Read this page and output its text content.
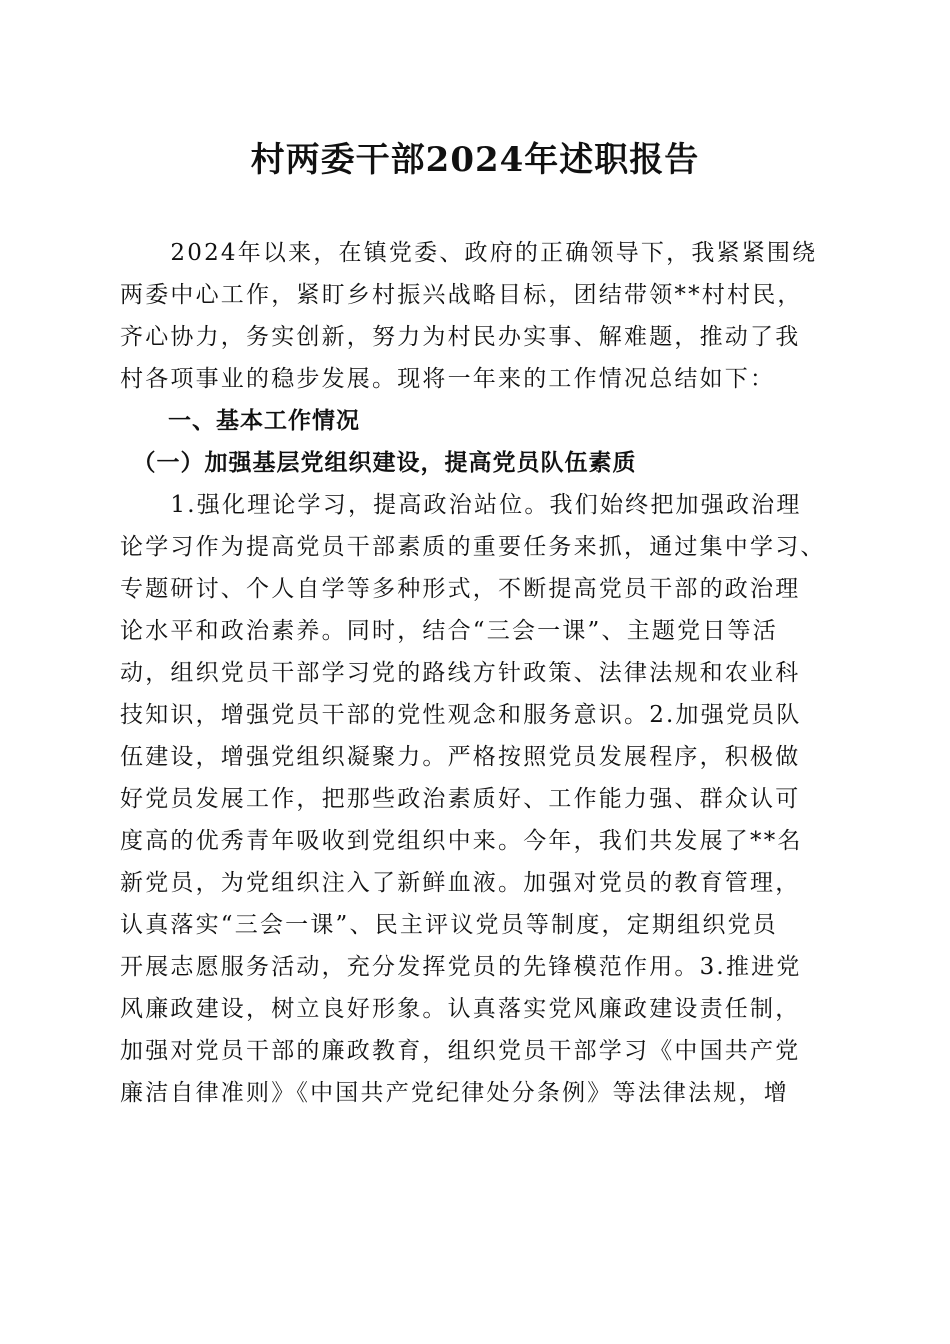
村两委干部2024年述职报告
　　2024年以来，在镇党委、政府的正确领导下，我紧紧围绕
两委中心工作，紧盯乡村振兴战略目标，团结带领**村村民，
齐心协力，务实创新，努力为村民办实事、解难题，推动了我
村各项事业的稳步发展。现将一年来的工作情况总结如下：
　　一、基本工作情况
　（一）加强基层党组织建设，提高党员队伍素质
　　1.强化理论学习，提高政治站位。我们始终把加强政治理
论学习作为提高党员干部素质的重要任务来抓，通过集中学习、
专题研讨、个人自学等多种形式，不断提高党员干部的政治理
论水平和政治素养。同时，结合“三会一课”、主题党日等活
动，组织党员干部学习党的路线方针政策、法律法规和农业科
技知识，增强党员干部的党性观念和服务意识。2.加强党员队
伍建设，增强党组织凝聚力。严格按照党员发展程序，积极做
好党员发展工作，把那些政治素质好、工作能力强、群众认可
度高的优秀青年吸收到党组织中来。今年，我们共发展了**名
新党员，为党组织注入了新鲜血液。加强对党员的教育管理，
认真落实“三会一课”、民主评议党员等制度，定期组织党员
开展志愿服务活动，充分发挥党员的先锋模范作用。3.推进党
风廉政建设，树立良好形象。认真落实党风廉政建设责任制，
加强对党员干部的廉政教育，组织党员干部学习《中国共产党
廉洁自律准则》《中国共产党纪律处分条例》等法律法规，增
